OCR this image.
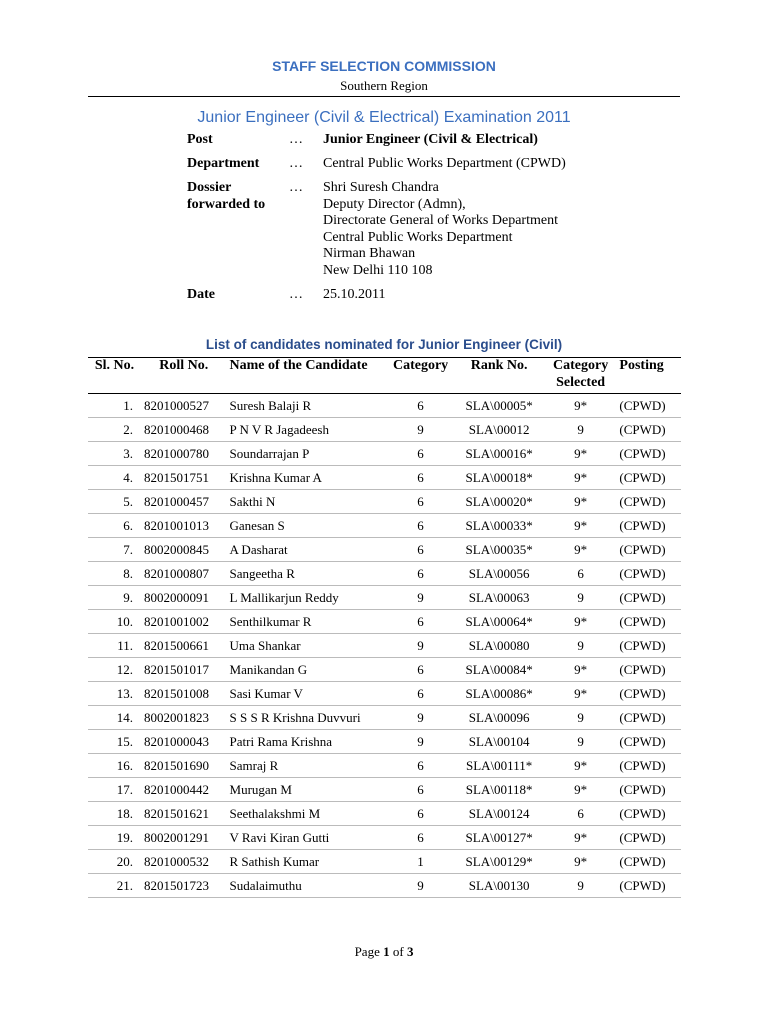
STAFF SELECTION COMMISSION
Southern Region
Junior Engineer (Civil & Electrical) Examination 2011
Post	… Junior Engineer (Civil & Electrical)
Department	… Central Public Works Department (CPWD)
Dossier
forwarded to
… Shri Suresh Chandra
Deputy Director (Admn),
Directorate General of Works Department
Central Public Works Department
Nirman Bhawan
New Delhi 110 108
Date	… 25.10.2011
List of candidates nominated for Junior Engineer (Civil)
Sl. No.	Roll No.	Name of the Candidate	Category	Rank No.	Category Selected	Posting
1.	8201000527	Suresh Balaji R	6	SLA\00005*	9*	(CPWD)
2.	8201000468	P N V R Jagadeesh	9	SLA\00012	9	(CPWD)
3.	8201000780	Soundarrajan P	6	SLA\00016*	9*	(CPWD)
4.	8201501751	Krishna Kumar A	6	SLA\00018*	9*	(CPWD)
5.	8201000457	Sakthi N	6	SLA\00020*	9*	(CPWD)
6.	8201001013	Ganesan S	6	SLA\00033*	9*	(CPWD)
7.	8002000845	A Dasharat	6	SLA\00035*	9*	(CPWD)
8.	8201000807	Sangeetha R	6	SLA\00056	6	(CPWD)
9.	8002000091	L Mallikarjun Reddy	9	SLA\00063	9	(CPWD)
10.	8201001002	Senthilkumar R	6	SLA\00064*	9*	(CPWD)
11.	8201500661	Uma Shankar	9	SLA\00080	9	(CPWD)
12.	8201501017	Manikandan G	6	SLA\00084*	9*	(CPWD)
13.	8201501008	Sasi Kumar V	6	SLA\00086*	9*	(CPWD)
14.	8002001823	S S S R Krishna Duvvuri	9	SLA\00096	9	(CPWD)
15.	8201000043	Patri Rama Krishna	9	SLA\00104	9	(CPWD)
16.	8201501690	Samraj R	6	SLA\00111*	9*	(CPWD)
17.	8201000442	Murugan M	6	SLA\00118*	9*	(CPWD)
18.	8201501621	Seethalakshmi M	6	SLA\00124	6	(CPWD)
19.	8002001291	V Ravi Kiran Gutti	6	SLA\00127*	9*	(CPWD)
20.	8201000532	R Sathish Kumar	1	SLA\00129*	9*	(CPWD)
21.	8201501723	Sudalaimuthu	9	SLA\00130	9	(CPWD)
Page 1 of 3
